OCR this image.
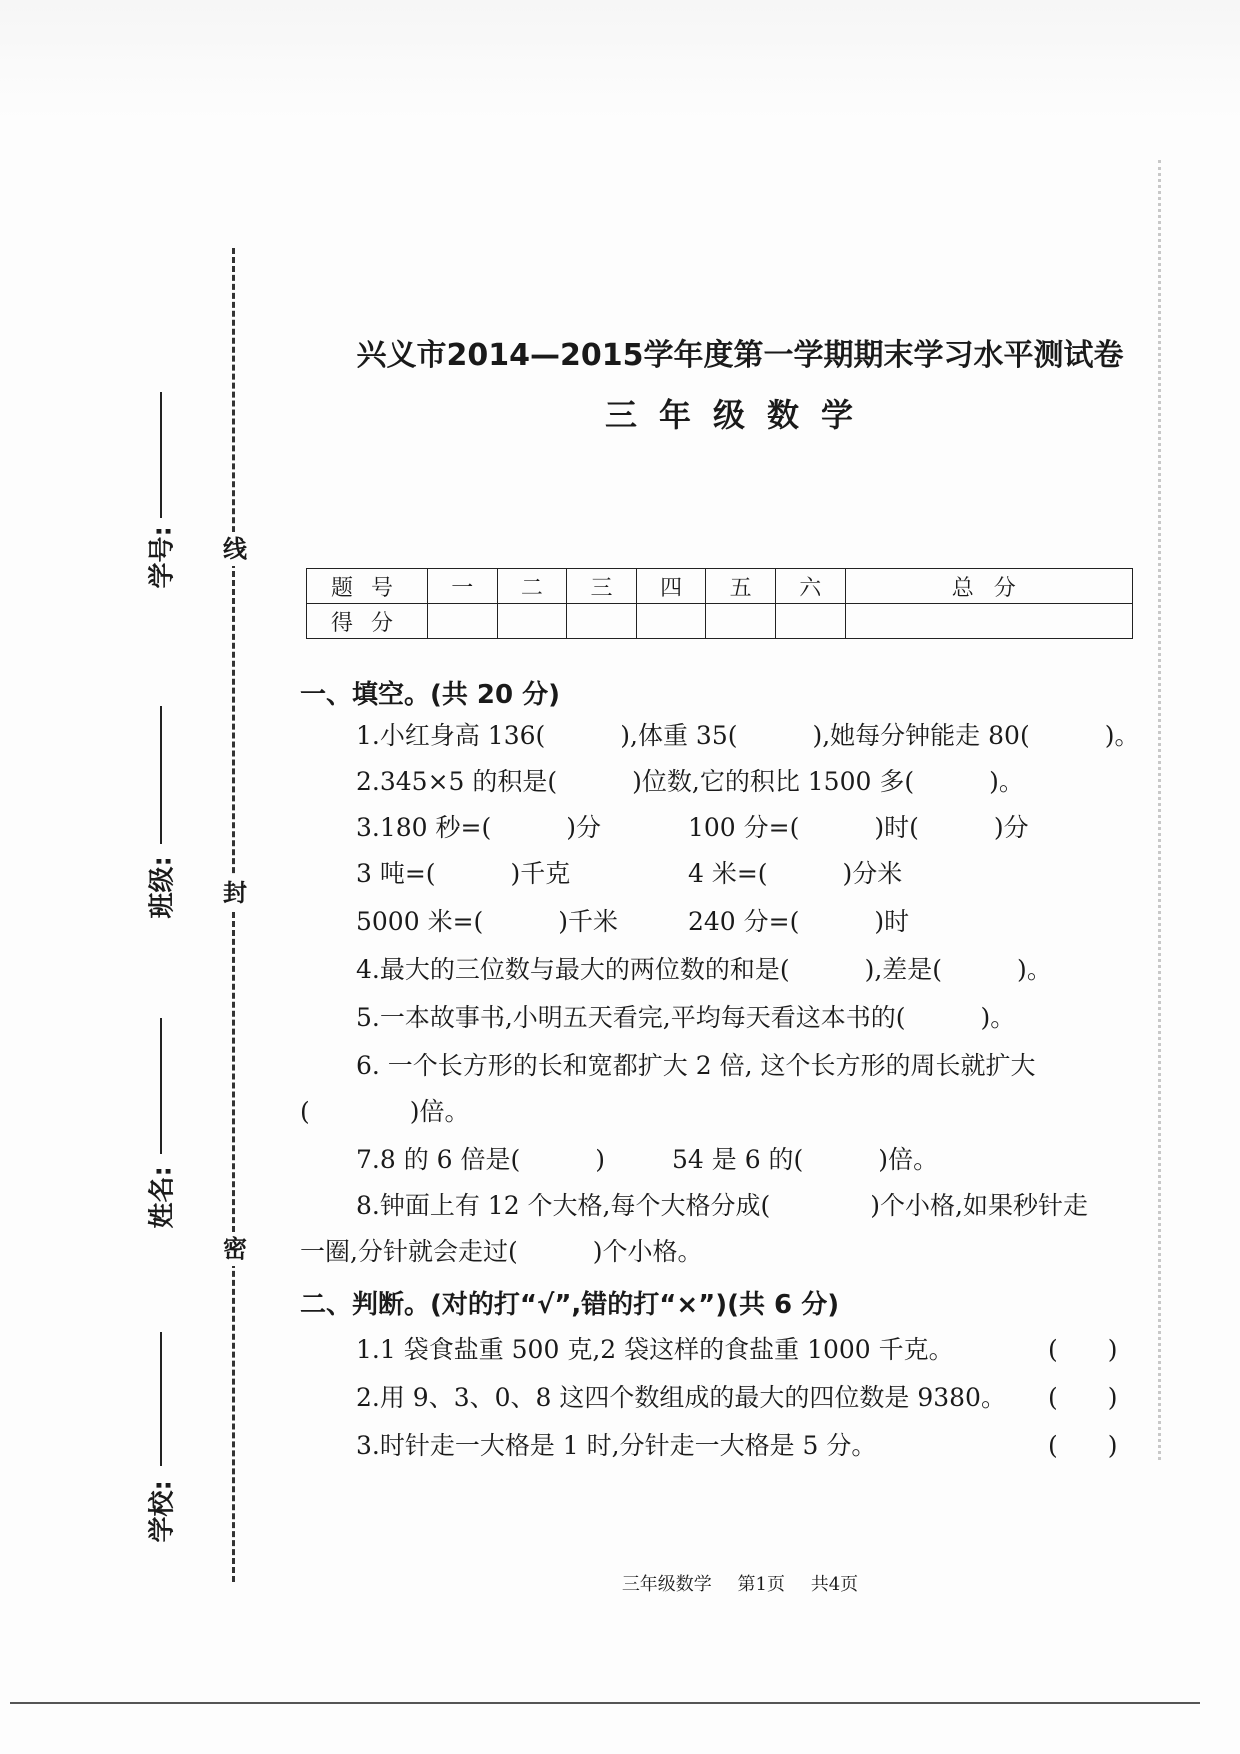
学号:
班级:
姓名:
学校:
线
封
密
兴义市2014—2015学年度第一学期期末学习水平测试卷
三年级数学
题号	一	二	三	四	五	六	总分
得分							
一、填空。(共 20 分)
1.小红身高 136(　　　),体重 35(　　　),她每分钟能走 80(　　　)。
2.345×5 的积是(　　　)位数,它的积比 1500 多(　　　)。
3.180 秒=(　　　)分	100 分=(　　　)时(　　　)分
3 吨=(　　　)千克	4 米=(　　　)分米
5000 米=(　　　)千米	240 分=(　　　)时
4.最大的三位数与最大的两位数的和是(　　　),差是(　　　)。
5.一本故事书,小明五天看完,平均每天看这本书的(　　　)。
6. 一个长方形的长和宽都扩大 2 倍, 这个长方形的周长就扩大
(　　　　)倍。
7.8 的 6 倍是(　　　)	54 是 6 的(　　　)倍。
8.钟面上有 12 个大格,每个大格分成(　　　　)个小格,如果秒针走
一圈,分针就会走过(　　　)个小格。
二、判断。(对的打“√”,错的打“×”)(共 6 分)
1.1 袋食盐重 500 克,2 袋这样的食盐重 1000 千克。	(　　)
2.用 9、3、0、8 这四个数组成的最大的四位数是 9380。 (　　)
3.时针走一大格是 1 时,分针走一大格是 5 分。	(　　)
三年级数学 第1页 共4页
